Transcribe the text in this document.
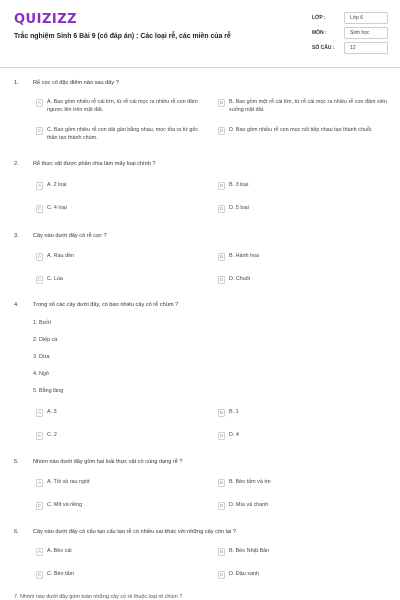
QUIZIZZ
Trắc nghiệm Sinh 6 Bài 9 (có đáp án) : Các loại rễ, các miền của rễ
LỚP :	Lớp 6
MÔN :	Sinh học
SỐ CÂU :	12
1.	Rễ cọc có đặc điểm nào sau đây ?
A	A. Bao gồm nhiều rễ cái lớn, từ rễ cái mọc ra nhiều rễ con đâm ngược lên trên mặt đất.
B	B. Bao gồm một rễ cái lớn, từ rễ cái mọc ra nhiều rễ con đâm xiên xuống mặt đất.
C	C. Bao gồm nhiều rễ con dài gần bằng nhau, mọc tỏa ra từ gốc thân tạo thành chùm.
D	D. Bao gồm nhiều rễ con mọc nối tiếp nhau tạo thành chuỗi.
2.	Rễ thực vật được phân chia làm mấy loại chính ?
A	A. 2 loại	B	B. 3 loại
C	C. 4 loại	D	D. 5 loại
3.	Cây nào dưới đây có rễ cọc ?
A	A. Rau dền	B	B. Hành hoa
C	C. Lúa	D	D. Chuối
4.	Trong số các cây dưới đây, có bao nhiêu cây có rễ chùm ?
1. Bưởi
2. Diếp cá
3. Dừa
4. Ngô
5. Bằng lăng
A	A. 3	B	B. 1
C	C. 2	D	D. 4
5.	Nhóm nào dưới đây gồm hai loài thực vật có cùng dạng rễ ?
A	A. Tỏi và rau ngót	B	B. Bèo tấm và tre
C	C. Mít và riềng	D	D. Mía và chanh
6.	Cây nào dưới đây có cấu tạo cấu tạo rễ có nhiều sai khác với những cây còn lại ?
A	A. Bèo cái	B	B. Bèo Nhật Bản
C	C. Bèo tấm	D	D. Đậu xanh
7. Nhóm nào dưới đây gồm toàn những cây có rễ thuộc loại rễ chùm ?
